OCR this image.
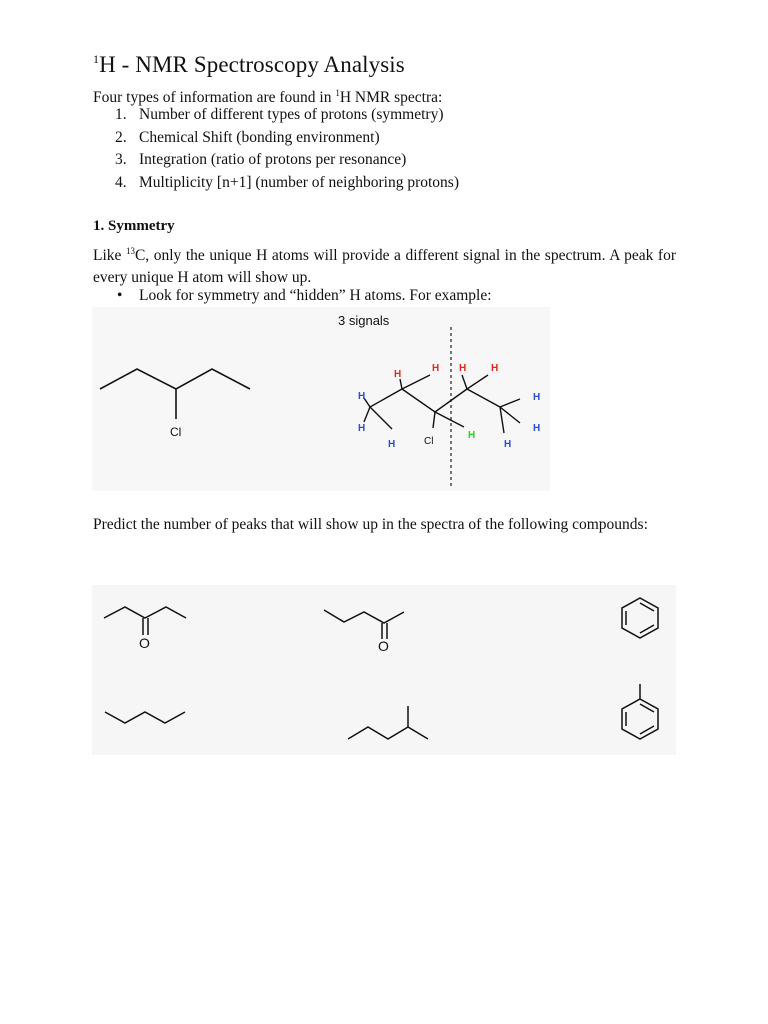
$^1$H - NMR Spectroscopy Analysis

Four types of information are found in $^1$H NMR spectra:

1. Number of different types of protons (symmetry)
2. Chemical Shift (bonding environment)
3. Integration (ratio of protons per resonance)
4. Multiplicity [n+1] (number of neighboring protons)
1. Symmetry

Like $^{13}$C, only the unique H atoms will provide a different signal in the spectrum. A peak for every unique H atom will show up.

• Look for symmetry and “hidden” H atoms. For example:

Cl
3 signals
H
H
H
H
H
H
H
H H H
H
Cl

Predict the number of peaks that will show up in the spectra of the following compounds:

O	O
